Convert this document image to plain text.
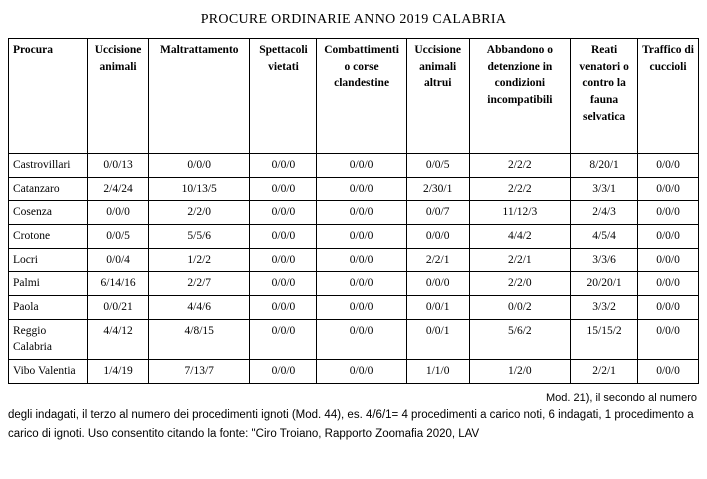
PROCURE ORDINARIE ANNO 2019 CALABRIA
Procura	Uccisione animali	Maltrattamento	Spettacoli vietati	Combattimenti o corse clandestine	Uccisione animali altrui	Abbandono o detenzione in condizioni incompatibili	Reati venatori o contro la fauna selvatica	Traffico di cuccioli
Castrovillari	0/0/13	0/0/0	0/0/0	0/0/0	0/0/5	2/2/2	8/20/1	0/0/0
Catanzaro	2/4/24	10/13/5	0/0/0	0/0/0	2/30/1	2/2/2	3/3/1	0/0/0
Cosenza	0/0/0	2/2/0	0/0/0	0/0/0	0/0/7	11/12/3	2/4/3	0/0/0
Crotone	0/0/5	5/5/6	0/0/0	0/0/0	0/0/0	4/4/2	4/5/4	0/0/0
Locri	0/0/4	1/2/2	0/0/0	0/0/0	2/2/1	2/2/1	3/3/6	0/0/0
Palmi	6/14/16	2/2/7	0/0/0	0/0/0	0/0/0	2/2/0	20/20/1	0/0/0
Paola	0/0/21	4/4/6	0/0/0	0/0/0	0/0/1	0/0/2	3/3/2	0/0/0
Reggio Calabria	4/4/12	4/8/15	0/0/0	0/0/0	0/0/1	5/6/2	15/15/2	0/0/0
Vibo Valentia	1/4/19	7/13/7	0/0/0	0/0/0	1/1/0	1/2/0	2/2/1	0/0/0
Mod. 21), il secondo al numero

degli indagati, il terzo al numero dei procedimenti ignoti (Mod. 44), es. 4/6/1= 4 procedimenti a carico noti, 6 indagati, 1 procedimento a carico di ignoti. Uso consentito citando la fonte: "Ciro Troiano, Rapporto Zoomafia 2020, LAV
